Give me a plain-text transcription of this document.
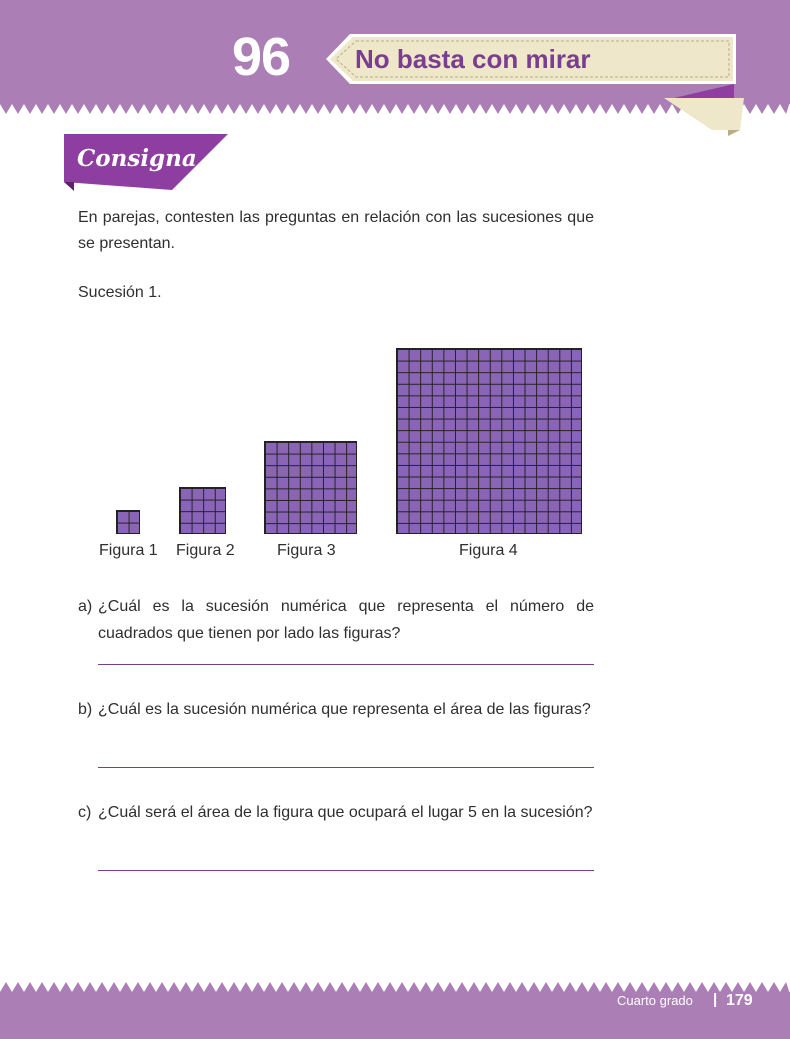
96 No basta con mirar
Consigna
En parejas, contesten las preguntas en relación con las sucesiones que se presentan.
Sucesión 1.
Figura 1 Figura 2	Figura 3	Figura 4
a) ¿Cuál es la sucesión numérica que representa el número de cuadrados que tienen por lado las figuras?
b) ¿Cuál es la sucesión numérica que representa el área de las figuras?
c) ¿Cuál será el área de la figura que ocupará el lugar 5 en la sucesión?
Cuarto grado | 179
